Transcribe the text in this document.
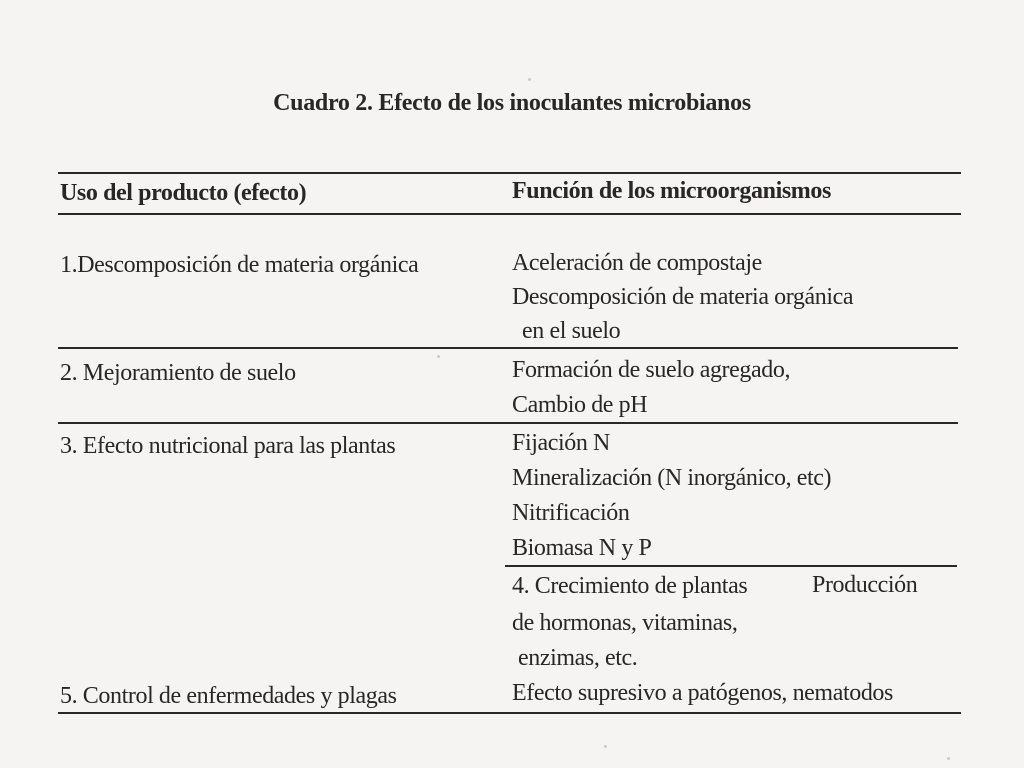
Cuadro 2. Efecto de los inoculantes microbianos
Uso del producto (efecto)	Función de los microorganismos
1.Descomposición de materia orgánica	Aceleración de compostaje
Descomposición de materia orgánica
en el suelo
2. Mejoramiento de suelo	Formación de suelo agregado,
Cambio de pH
3. Efecto nutricional para las plantas	Fijación N
Mineralización (N inorgánico, etc)
Nitrificación
Biomasa N y P
4. Crecimiento de plantas	Producción
de hormonas, vitaminas,
enzimas, etc.
5. Control de enfermedades y plagas	Efecto supresivo a patógenos, nematodos
